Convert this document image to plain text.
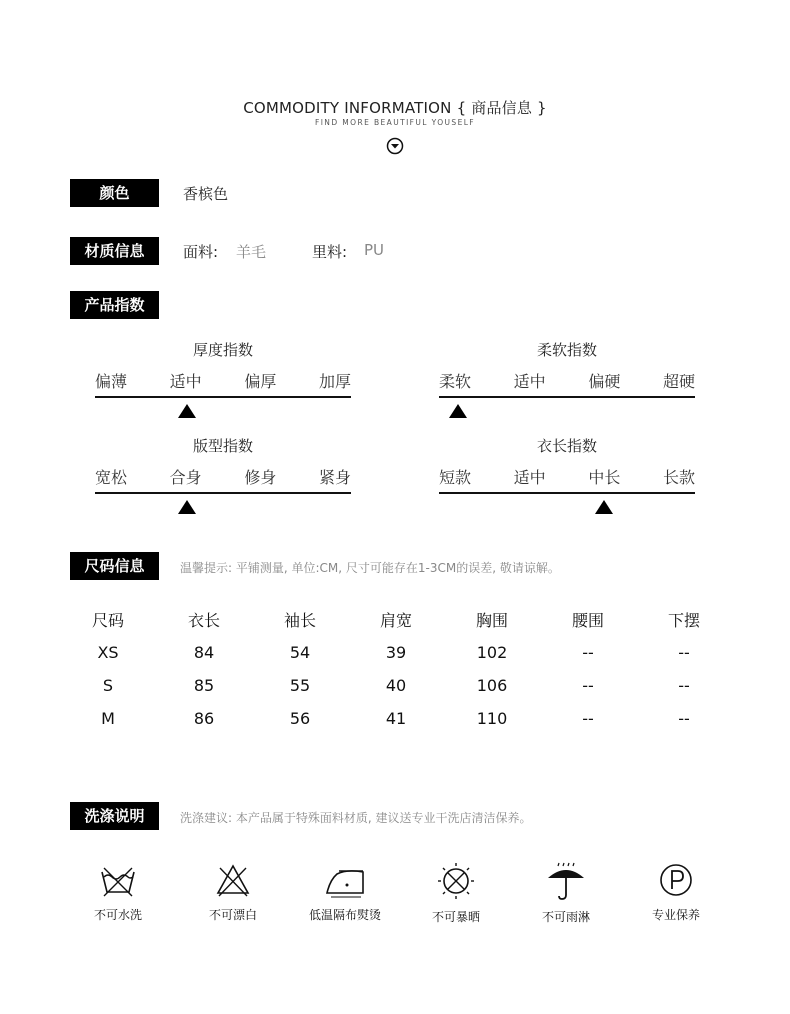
COMMODITY INFORMATION { 商品信息 }
FIND MORE BEAUTIFUL YOUSELF
颜色	香槟色
材质信息	面料: 羊毛	里料: PU
产品指数
厚度指数
偏薄	适中	偏厚	加厚
柔软指数
柔软	适中	偏硬	超硬
版型指数
宽松	合身	修身	紧身
衣长指数
短款	适中	中长	长款
尺码信息	温馨提示: 平铺测量, 单位:CM, 尺寸可能存在1-3CM的误差, 敬请谅解。
尺码	衣长	袖长	肩宽	胸围	腰围	下摆
XS	84	54	39	102	--	--
S	85	55	40	106	--	--
M	86	56	41	110	--	--
洗涤说明	洗涤建议: 本产品属于特殊面料材质, 建议送专业干洗店清洁保养。
不可水洗	不可漂白	低温隔布熨烫	不可暴晒	不可雨淋	专业保养
